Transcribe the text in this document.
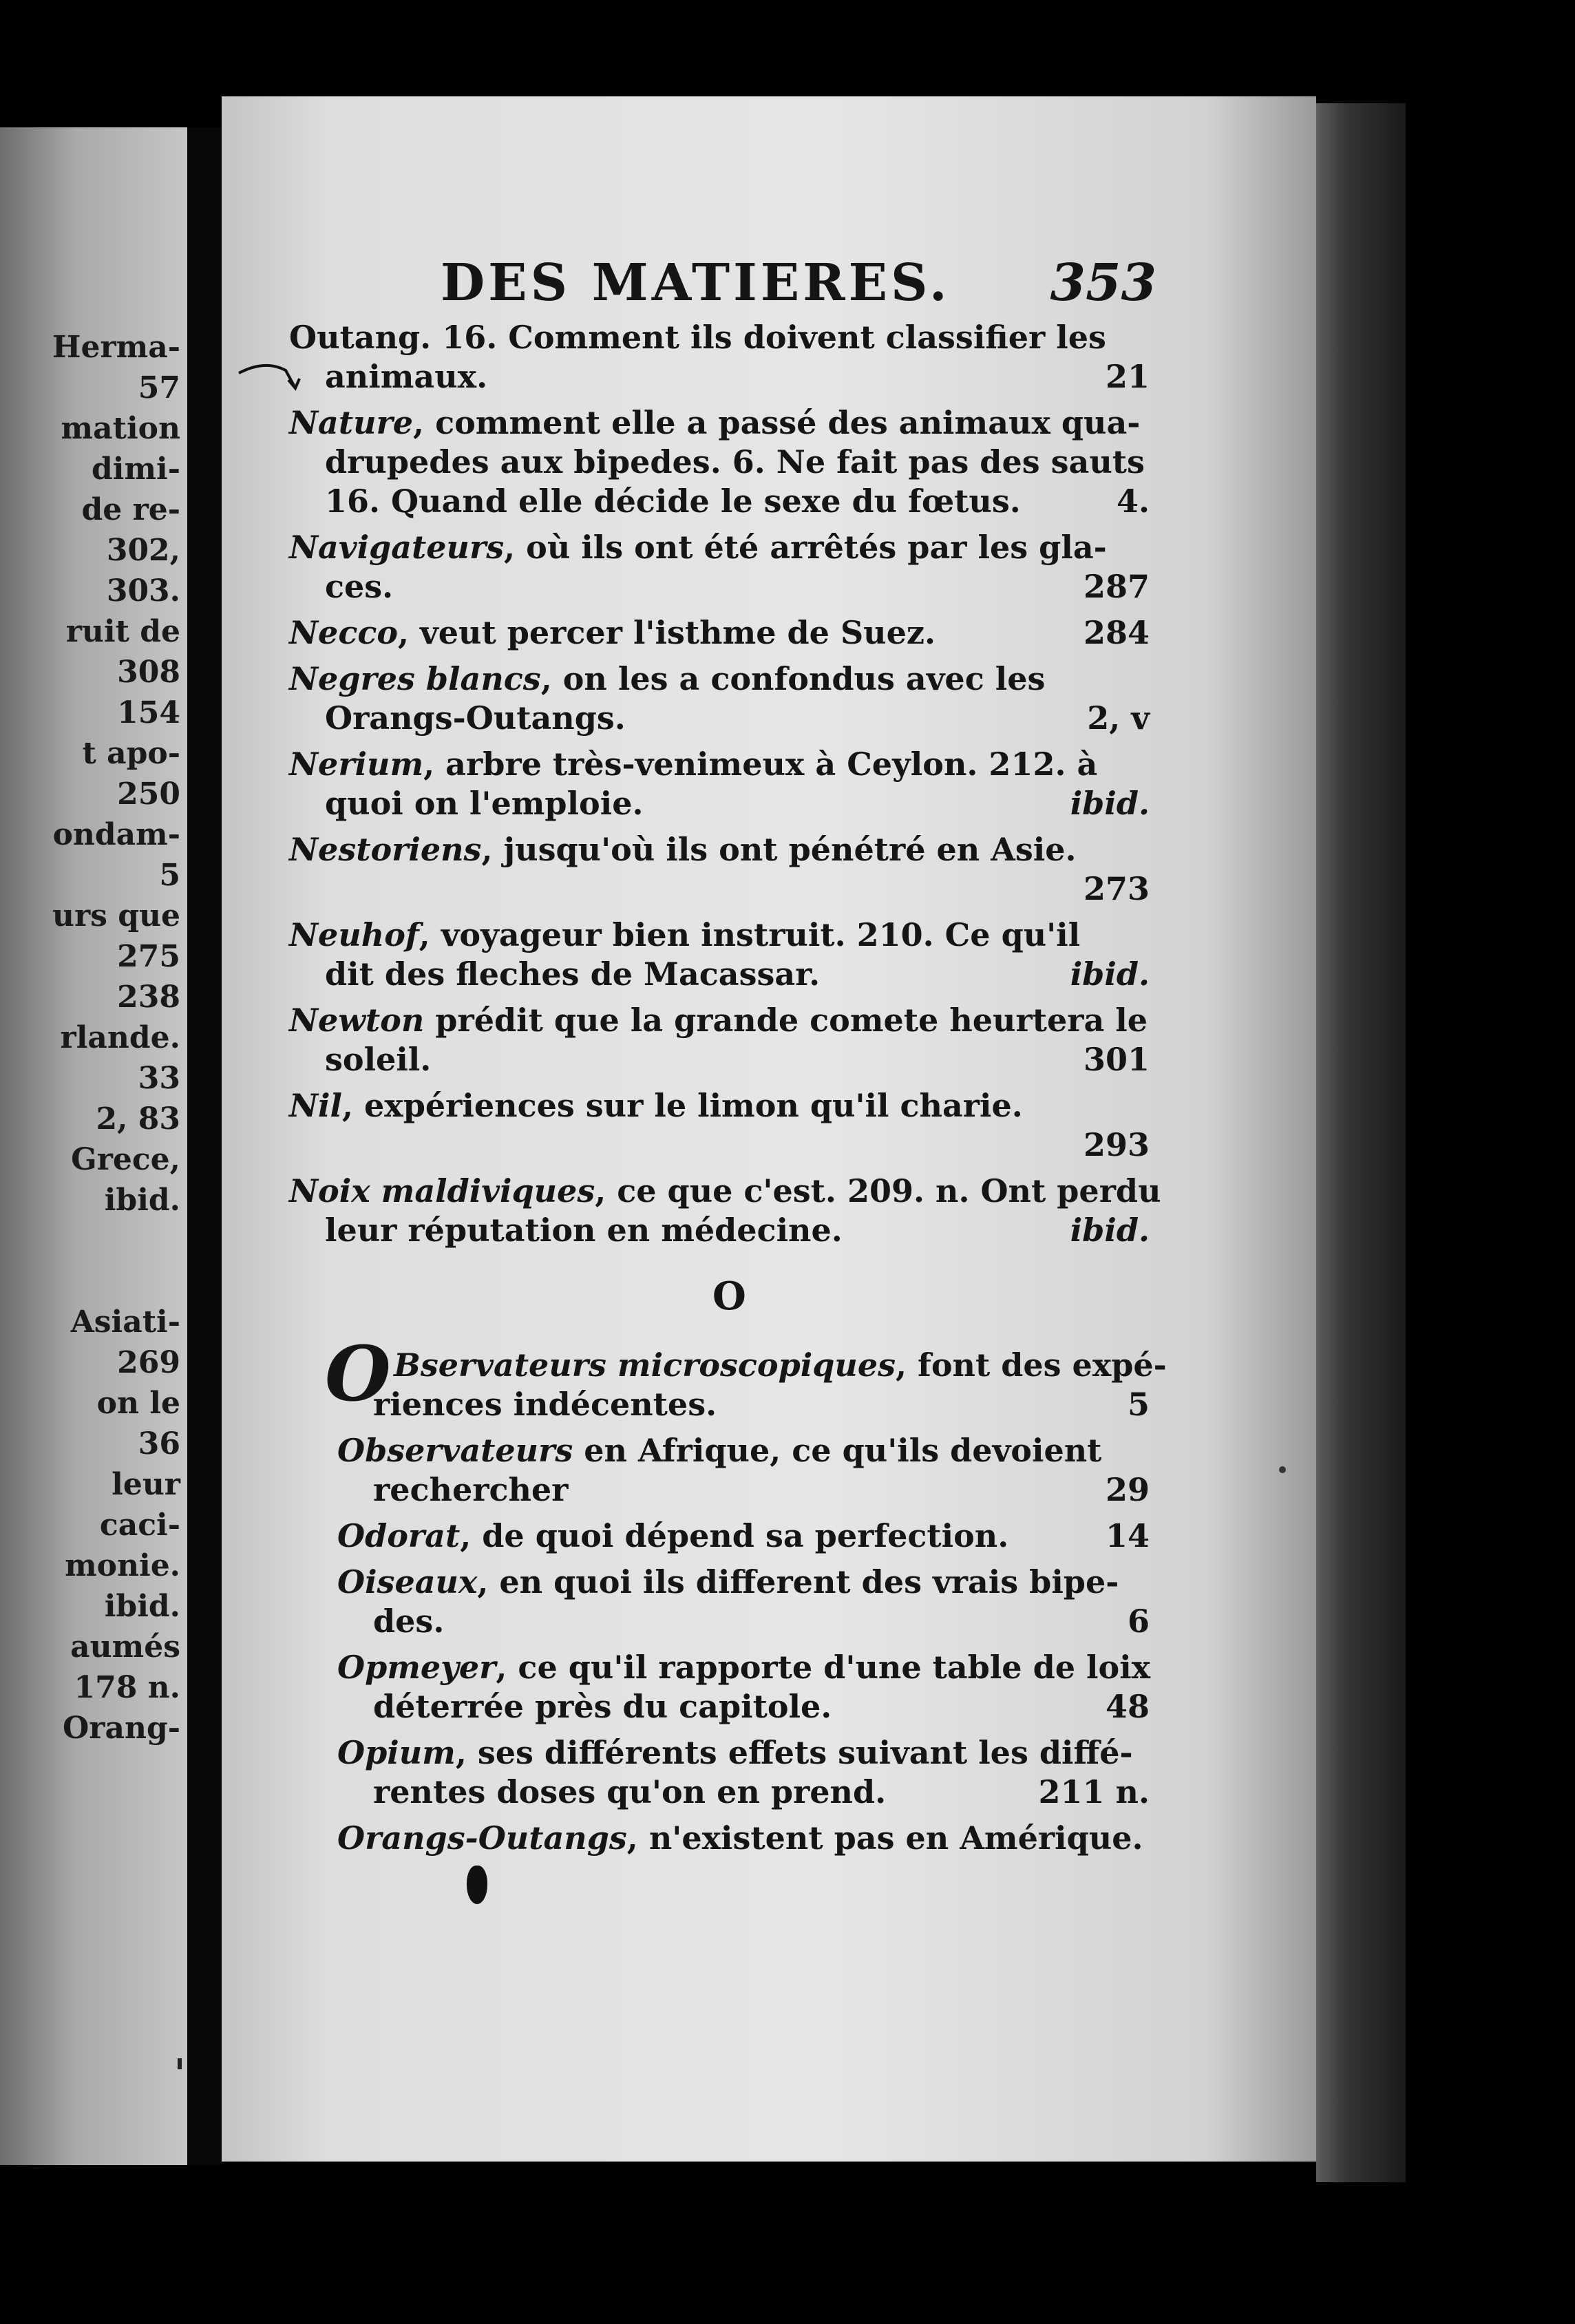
Herma-
57
mation
dimi-
de re-
302,
303.
ruit de
308
154
t apo-
250
ondam-
5
urs que
275
238
rlande.
33
2, 83
Grece,
ibid.
Asiati-
269
on le
36
leur
caci-
monie.
ibid.
aumés
178 n.
Orang-
DES MATIERES. 353
Outang. 16. Comment ils doivent classifier les
animaux.	21
Nature, comment elle a passé des animaux qua-
drupedes aux bipedes. 6. Ne fait pas des sauts
16. Quand elle décide le sexe du fœtus.	4.
Navigateurs, où ils ont été arrêtés par les gla-
ces.	287
Necco, veut percer l'isthme de Suez.	284
Negres blancs, on les a confondus avec les
Orangs-Outangs.	2, v
Nerium, arbre très-venimeux à Ceylon. 212. à
quoi on l'emploie.	ibid.
Nestoriens, jusqu'où ils ont pénétré en Asie.
273
Neuhof, voyageur bien instruit. 210. Ce qu'il
dit des fleches de Macassar.	ibid.
Newton prédit que la grande comete heurtera le
soleil.	301
Nil, expériences sur le limon qu'il charie.
293
Noix maldiviques, ce que c'est. 209. n. Ont perdu
leur réputation en médecine.	ibid.
O
O Bservateurs microscopiques, font des expé-
riences indécentes.	5
Observateurs en Afrique, ce qu'ils devoient
rechercher	29
Odorat, de quoi dépend sa perfection.	14
Oiseaux, en quoi ils different des vrais bipe-
des.	6
Opmeyer, ce qu'il rapporte d'une table de loix
déterrée près du capitole.	48
Opium, ses différents effets suivant les diffé-
rentes doses qu'on en prend.	211 n.
Orangs-Outangs, n'existent pas en Amérique.
